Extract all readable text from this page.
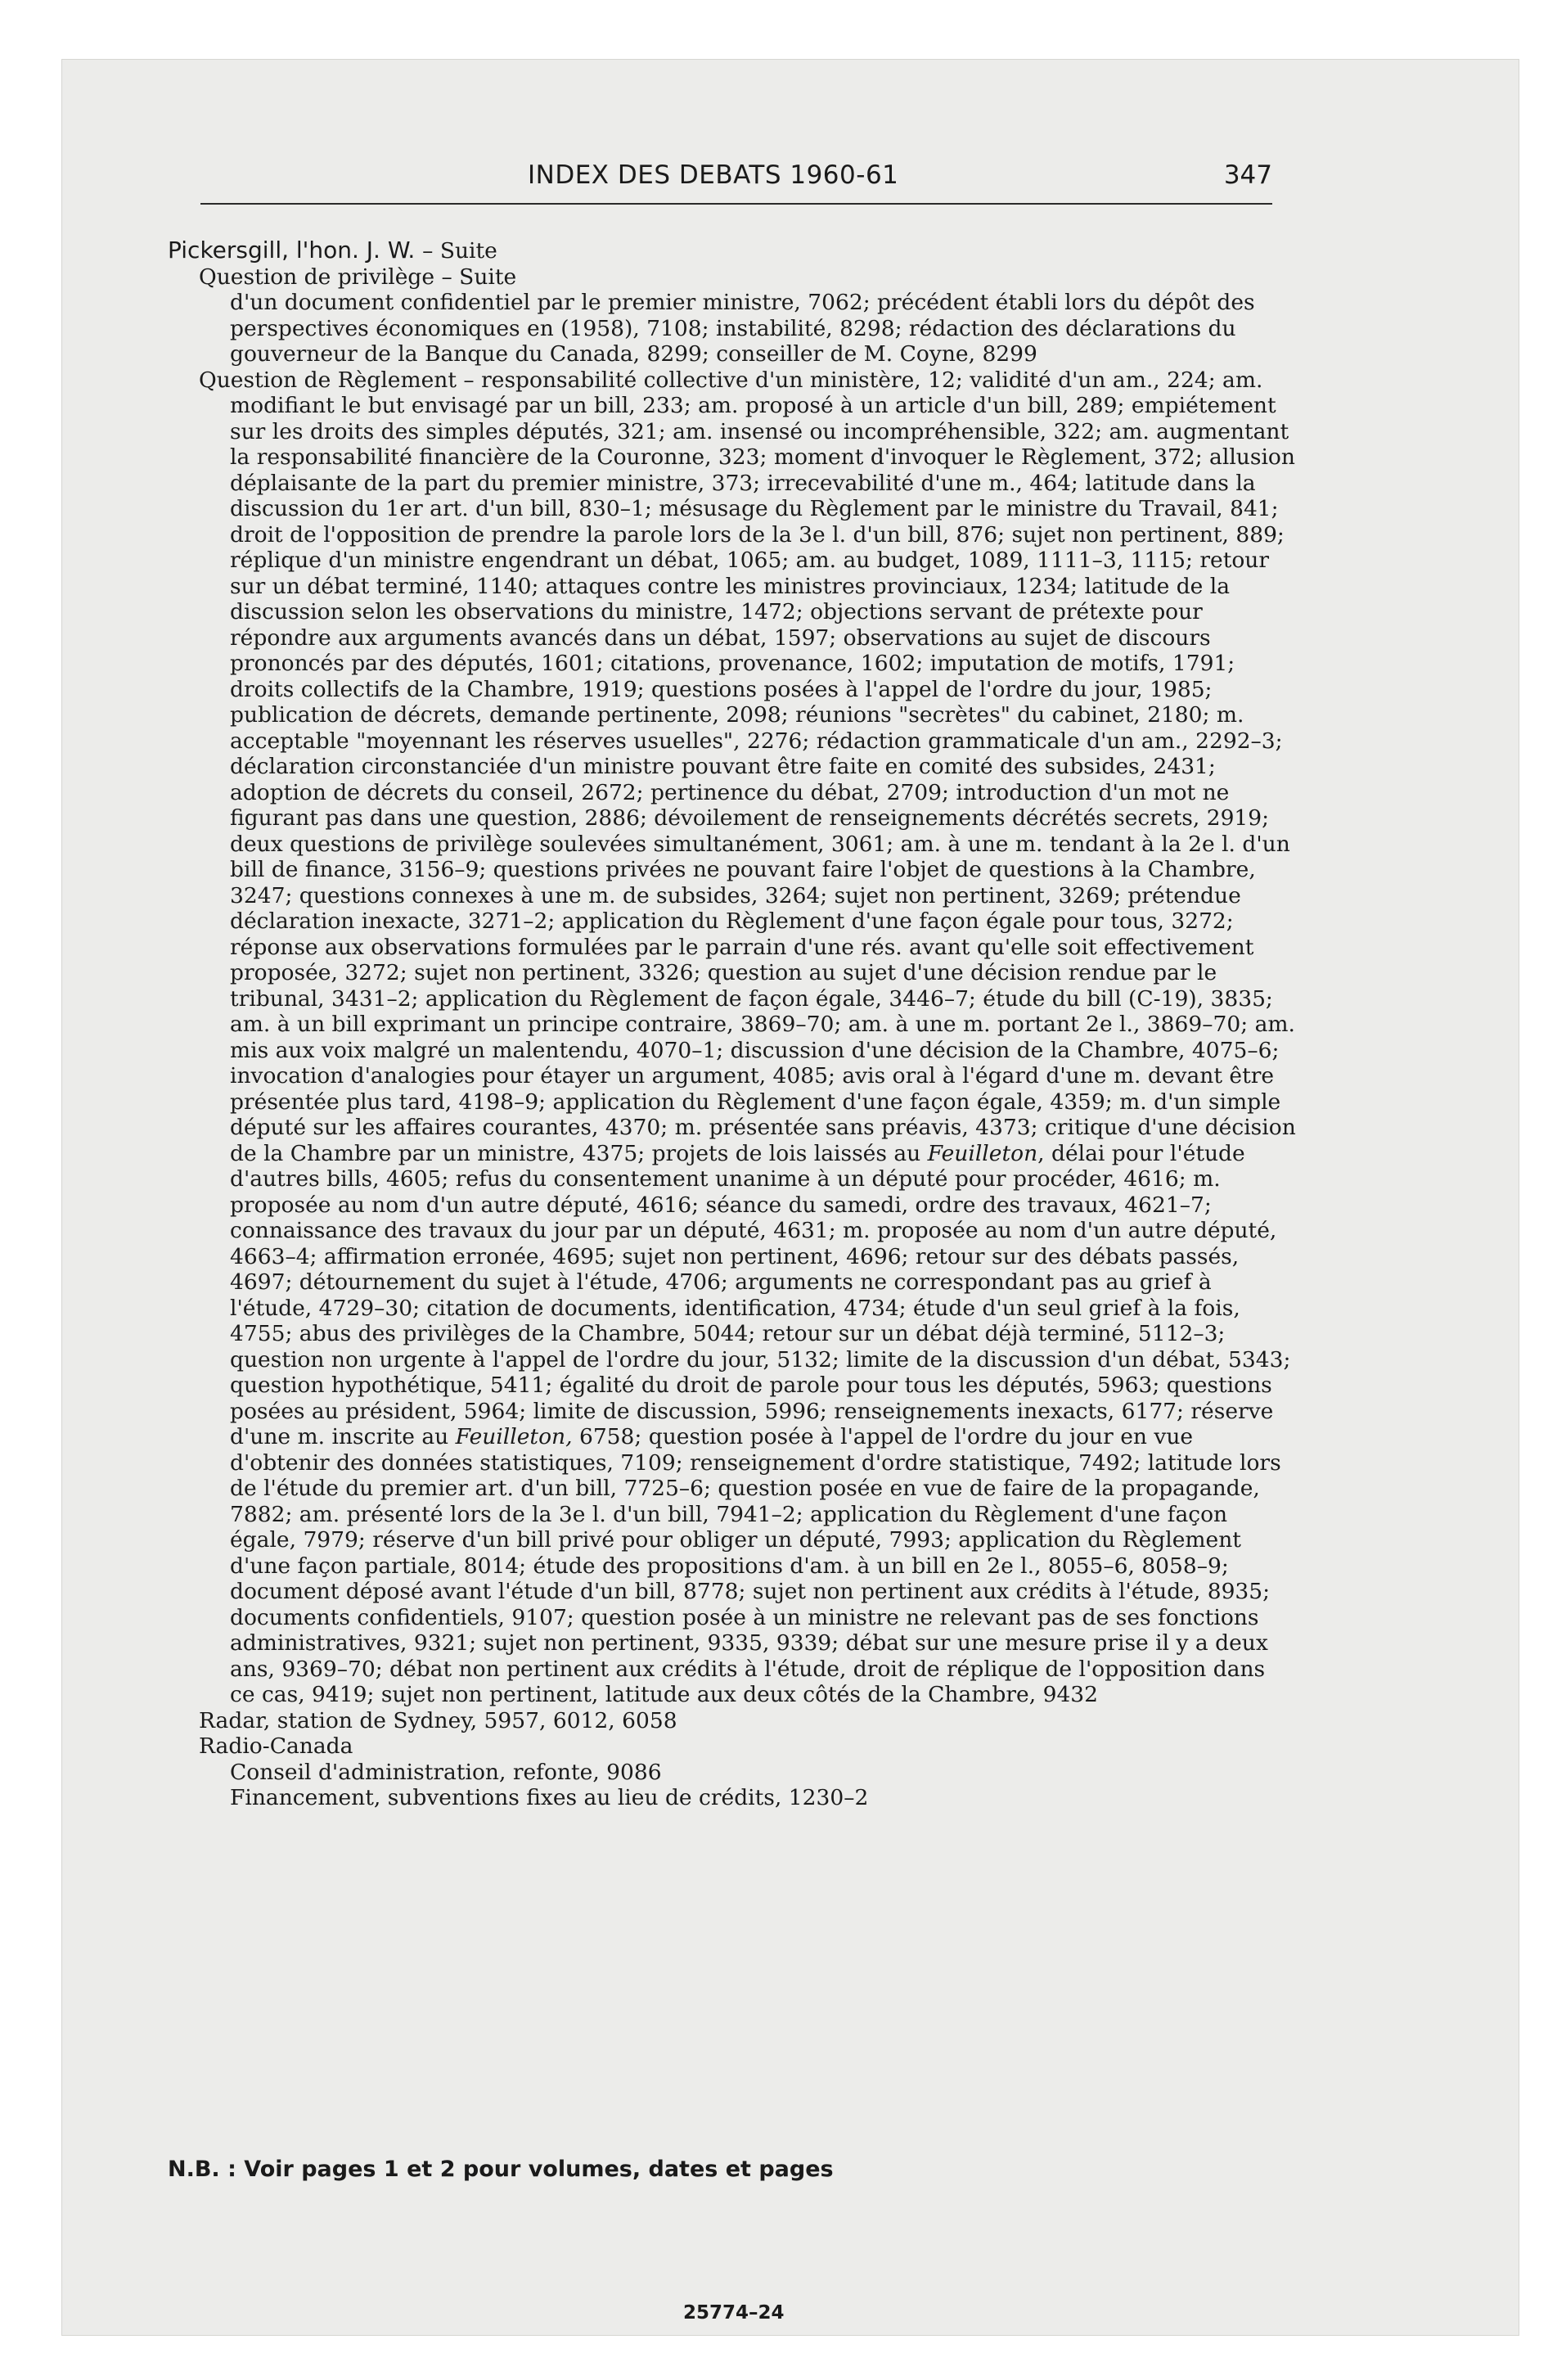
INDEX DES DEBATS 1960-61	347
Pickersgill, l'hon. J. W. – Suite
Question de privilège – Suite

d'un document confidentiel par le premier ministre, 7062; précédent établi lors du dépôt des perspectives économiques en (1958), 7108; instabilité, 8298; rédaction des déclarations du gouverneur de la Banque du Canada, 8299; conseiller de M. Coyne, 8299

Question de Règlement – responsabilité collective d'un ministère, 12; validité d'un am., 224; am. modifiant le but envisagé par un bill, 233; am. proposé à un article d'un bill, 289; empiétement sur les droits des simples députés, 321; am. insensé ou incompréhensible, 322; am. augmentant la responsabilité financière de la Couronne, 323; moment d'invoquer le Règlement, 372; allusion déplaisante de la part du premier ministre, 373; irrecevabilité d'une m., 464; latitude dans la discussion du 1er art. d'un bill, 830–1; mésusage du Règlement par le ministre du Travail, 841; droit de l'opposition de prendre la parole lors de la 3e l. d'un bill, 876; sujet non pertinent, 889; réplique d'un ministre engendrant un débat, 1065; am. au budget, 1089, 1111–3, 1115; retour sur un débat terminé, 1140; attaques contre les ministres provinciaux, 1234; latitude de la discussion selon les observations du ministre, 1472; objections servant de prétexte pour répondre aux arguments avancés dans un débat, 1597; observations au sujet de discours prononcés par des députés, 1601; citations, provenance, 1602; imputation de motifs, 1791; droits collectifs de la Chambre, 1919; questions posées à l'appel de l'ordre du jour, 1985; publication de décrets, demande pertinente, 2098; réunions "secrètes" du cabinet, 2180; m. acceptable "moyennant les réserves usuelles", 2276; rédaction grammaticale d'un am., 2292–3; déclaration circonstanciée d'un ministre pouvant être faite en comité des subsides, 2431; adoption de décrets du conseil, 2672; pertinence du débat, 2709; introduction d'un mot ne figurant pas dans une question, 2886; dévoilement de renseignements décrétés secrets, 2919; deux questions de privilège soulevées simultanément, 3061; am. à une m. tendant à la 2e l. d'un bill de finance, 3156–9; questions privées ne pouvant faire l'objet de questions à la Chambre, 3247; questions connexes à une m. de subsides, 3264; sujet non pertinent, 3269; prétendue déclaration inexacte, 3271–2; application du Règlement d'une façon égale pour tous, 3272; réponse aux observations formulées par le parrain d'une rés. avant qu'elle soit effectivement proposée, 3272; sujet non pertinent, 3326; question au sujet d'une décision rendue par le tribunal, 3431–2; application du Règlement de façon égale, 3446–7; étude du bill (C-19), 3835; am. à un bill exprimant un principe contraire, 3869–70; am. à une m. portant 2e l., 3869–70; am. mis aux voix malgré un malentendu, 4070–1; discussion d'une décision de la Chambre, 4075–6; invocation d'analogies pour étayer un argument, 4085; avis oral à l'égard d'une m. devant être présentée plus tard, 4198–9; application du Règlement d'une façon égale, 4359; m. d'un simple député sur les affaires courantes, 4370; m. présentée sans préavis, 4373; critique d'une décision de la Chambre par un ministre, 4375; projets de lois laissés au Feuilleton, délai pour l'étude d'autres bills, 4605; refus du consentement unanime à un député pour procéder, 4616; m. proposée au nom d'un autre député, 4616; séance du samedi, ordre des travaux, 4621–7; connaissance des travaux du jour par un député, 4631; m. proposée au nom d'un autre député, 4663–4; affirmation erronée, 4695; sujet non pertinent, 4696; retour sur des débats passés, 4697; détournement du sujet à l'étude, 4706; arguments ne correspondant pas au grief à l'étude, 4729–30; citation de documents, identification, 4734; étude d'un seul grief à la fois, 4755; abus des privilèges de la Chambre, 5044; retour sur un débat déjà terminé, 5112–3; question non urgente à l'appel de l'ordre du jour, 5132; limite de la discussion d'un débat, 5343; question hypothétique, 5411; égalité du droit de parole pour tous les députés, 5963; questions posées au président, 5964; limite de discussion, 5996; renseignements inexacts, 6177; réserve d'une m. inscrite au Feuilleton, 6758; question posée à l'appel de l'ordre du jour en vue d'obtenir des données statistiques, 7109; renseignement d'ordre statistique, 7492; latitude lors de l'étude du premier art. d'un bill, 7725–6; question posée en vue de faire de la propagande, 7882; am. présenté lors de la 3e l. d'un bill, 7941–2; application du Règlement d'une façon égale, 7979; réserve d'un bill privé pour obliger un député, 7993; application du Règlement d'une façon partiale, 8014; étude des propositions d'am. à un bill en 2e l., 8055–6, 8058–9; document déposé avant l'étude d'un bill, 8778; sujet non pertinent aux crédits à l'étude, 8935; documents confidentiels, 9107; question posée à un ministre ne relevant pas de ses fonctions administratives, 9321; sujet non pertinent, 9335, 9339; débat sur une mesure prise il y a deux ans, 9369–70; débat non pertinent aux crédits à l'étude, droit de réplique de l'opposition dans ce cas, 9419; sujet non pertinent, latitude aux deux côtés de la Chambre, 9432

Radar, station de Sydney, 5957, 6012, 6058
Radio-Canada
Conseil d'administration, refonte, 9086
Financement, subventions fixes au lieu de crédits, 1230–2
N.B. : Voir pages 1 et 2 pour volumes, dates et pages
25774–24
